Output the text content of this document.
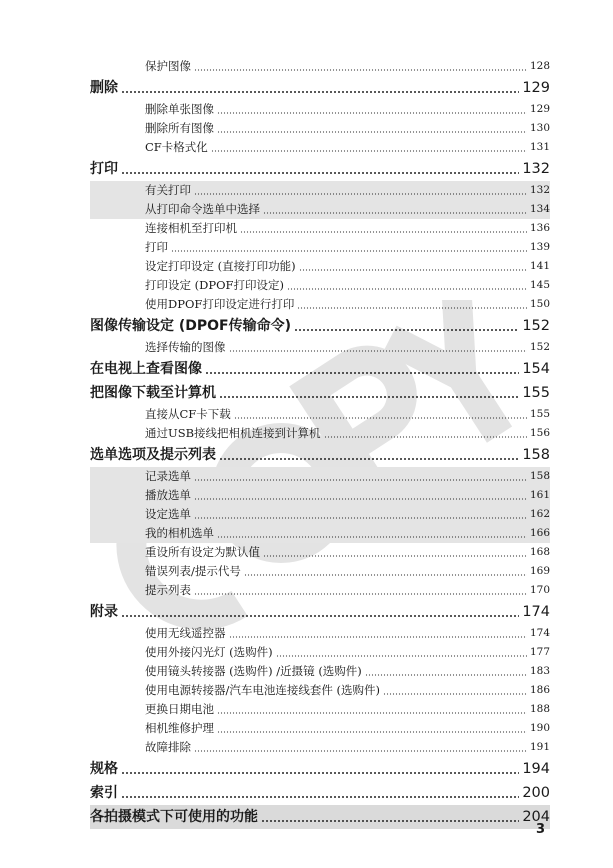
保护图像	128
删除	129
删除单张图像	129
删除所有图像	130
CF卡格式化	131
打印	132
有关打印	132
从打印命令选单中选择	134
连接相机至打印机	136
打印	139
设定打印设定 (直接打印功能)	141
打印设定 (DPOF打印设定)	145
使用DPOF打印设定进行打印	150
图像传输设定 (DPOF传输命令)	152
选择传输的图像	152
在电视上查看图像	154
把图像下载至计算机	155
直接从CF卡下载	155
通过USB接线把相机连接到计算机	156
选单选项及提示列表	158
记录选单	158
播放选单	161
设定选单	162
我的相机选单	166
重设所有设定为默认值	168
错误列表/提示代号	169
提示列表	170
附录	174
使用无线遥控器	174
使用外接闪光灯 (选购件)	177
使用镜头转接器 (选购件) /近摄镜 (选购件)	183
使用电源转接器/汽车电池连接线套件 (选购件)	186
更换日期电池	188
相机维修护理	190
故障排除	191
规格	194
索引	200
各拍摄模式下可使用的功能	204
3
